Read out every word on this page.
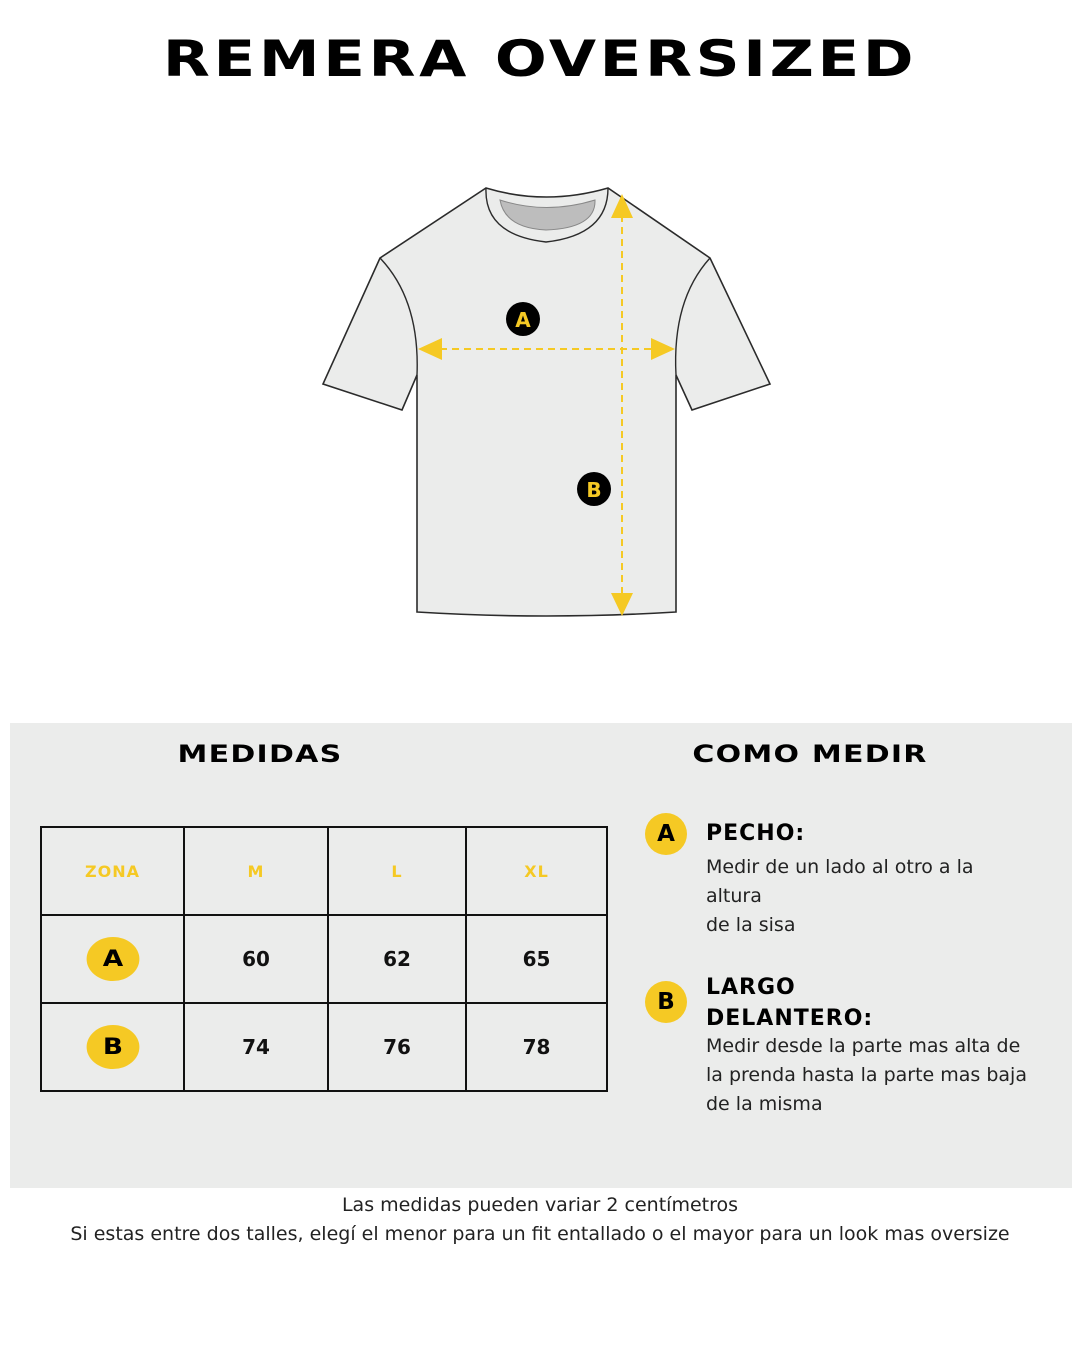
REMERA OVERSIZED
A
B
MEDIDAS	COMO MEDIR
ZONA	M	L	XL
A	60	62	65
B	74	76	78
A	PECHO:
Medir de un lado al otro a la
altura
de la sisa
B
LARGO
DELANTERO:
Medir desde la parte mas alta de
la prenda hasta la parte mas baja
de la misma
Las medidas pueden variar 2 centímetros
Si estas entre dos talles, elegí el menor para un fit entallado o el mayor para un look mas oversize
